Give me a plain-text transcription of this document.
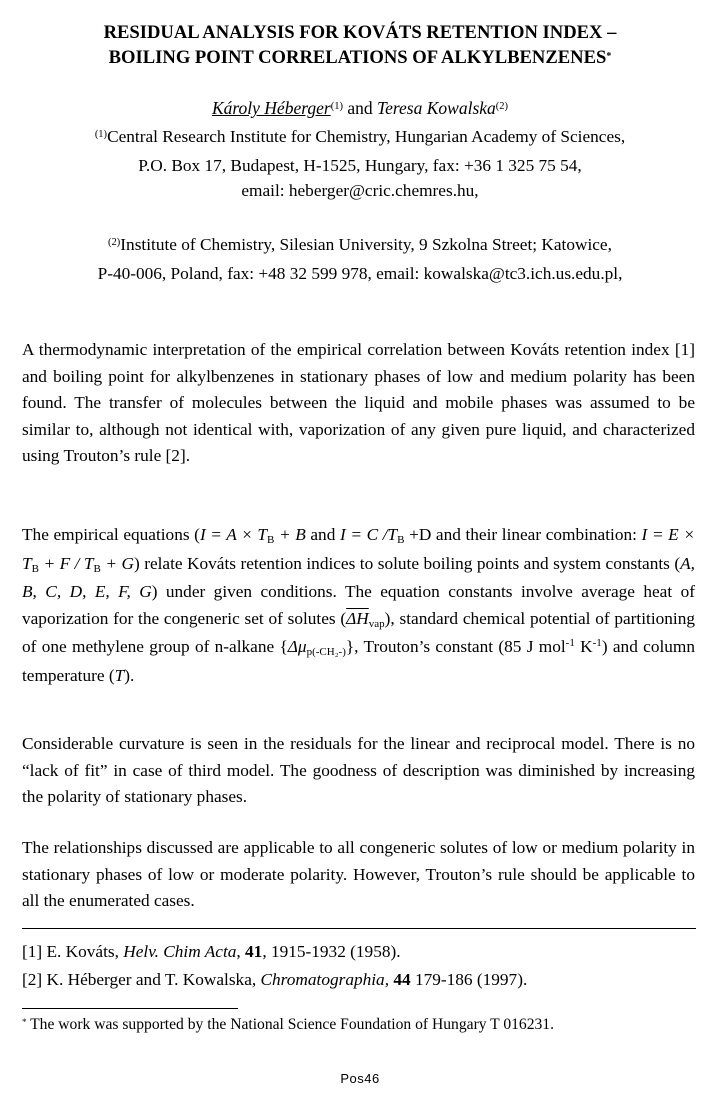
RESIDUAL ANALYSIS FOR KOVÁTS RETENTION INDEX –
BOILING POINT CORRELATIONS OF ALKYLBENZENES*
Károly Héberger$^{(1)}$ and Teresa Kowalska$^{(2)}$
$^{(1)}$Central Research Institute for Chemistry, Hungarian Academy of Sciences,
P.O. Box 17, Budapest, H-1525, Hungary, fax: +36 1 325 75 54,
email: heberger@cric.chemres.hu,
$^{(2)}$Institute of Chemistry, Silesian University, 9 Szkolna Street; Katowice,
P-40-006, Poland, fax: +48 32 599 978, email: kowalska@tc3.ich.us.edu.pl,
A thermodynamic interpretation of the empirical correlation between Kováts retention index [1] and boiling point for alkylbenzenes in stationary phases of low and medium polarity has been found. The transfer of molecules between the liquid and mobile phases was assumed to be similar to, although not identical with, vaporization of any given pure liquid, and characterized using Trouton’s rule [2].
The empirical equations ($I = A \times T_B + B$ and I = C $/T_B +D$ and their linear combination: $I = E \times T_B + F / T_B + G$) relate Kováts retention indices to solute boiling points and system constants (A, B, C, D, E, F, G) under given conditions. The equation constants involve average heat of vaporization for the congeneric set of solutes $(\overline{\Delta H}_{vap})$, standard chemical potential of partitioning of one methylene group of n-alkane $\{\Delta\mu_{p(-CH_2-)}\}$, Trouton’s constant (85 J mol$^{-1}$ $K^{-1}$) and column temperature (T).
Considerable curvature is seen in the residuals for the linear and reciprocal model. There is no “lack of fit” in case of third model. The goodness of description was diminished by increasing the polarity of stationary phases.
The relationships discussed are applicable to all congeneric solutes of low or medium polarity in stationary phases of low or moderate polarity. However, Trouton’s rule should be applicable to all the enumerated cases.
[1] E. Kováts, Helv. Chim Acta, 41, 1915-1932 (1958).
[2] K. Héberger and T. Kowalska, Chromatographia, 44 179-186 (1997).
* The work was supported by the National Science Foundation of Hungary T 016231.
Pos46
